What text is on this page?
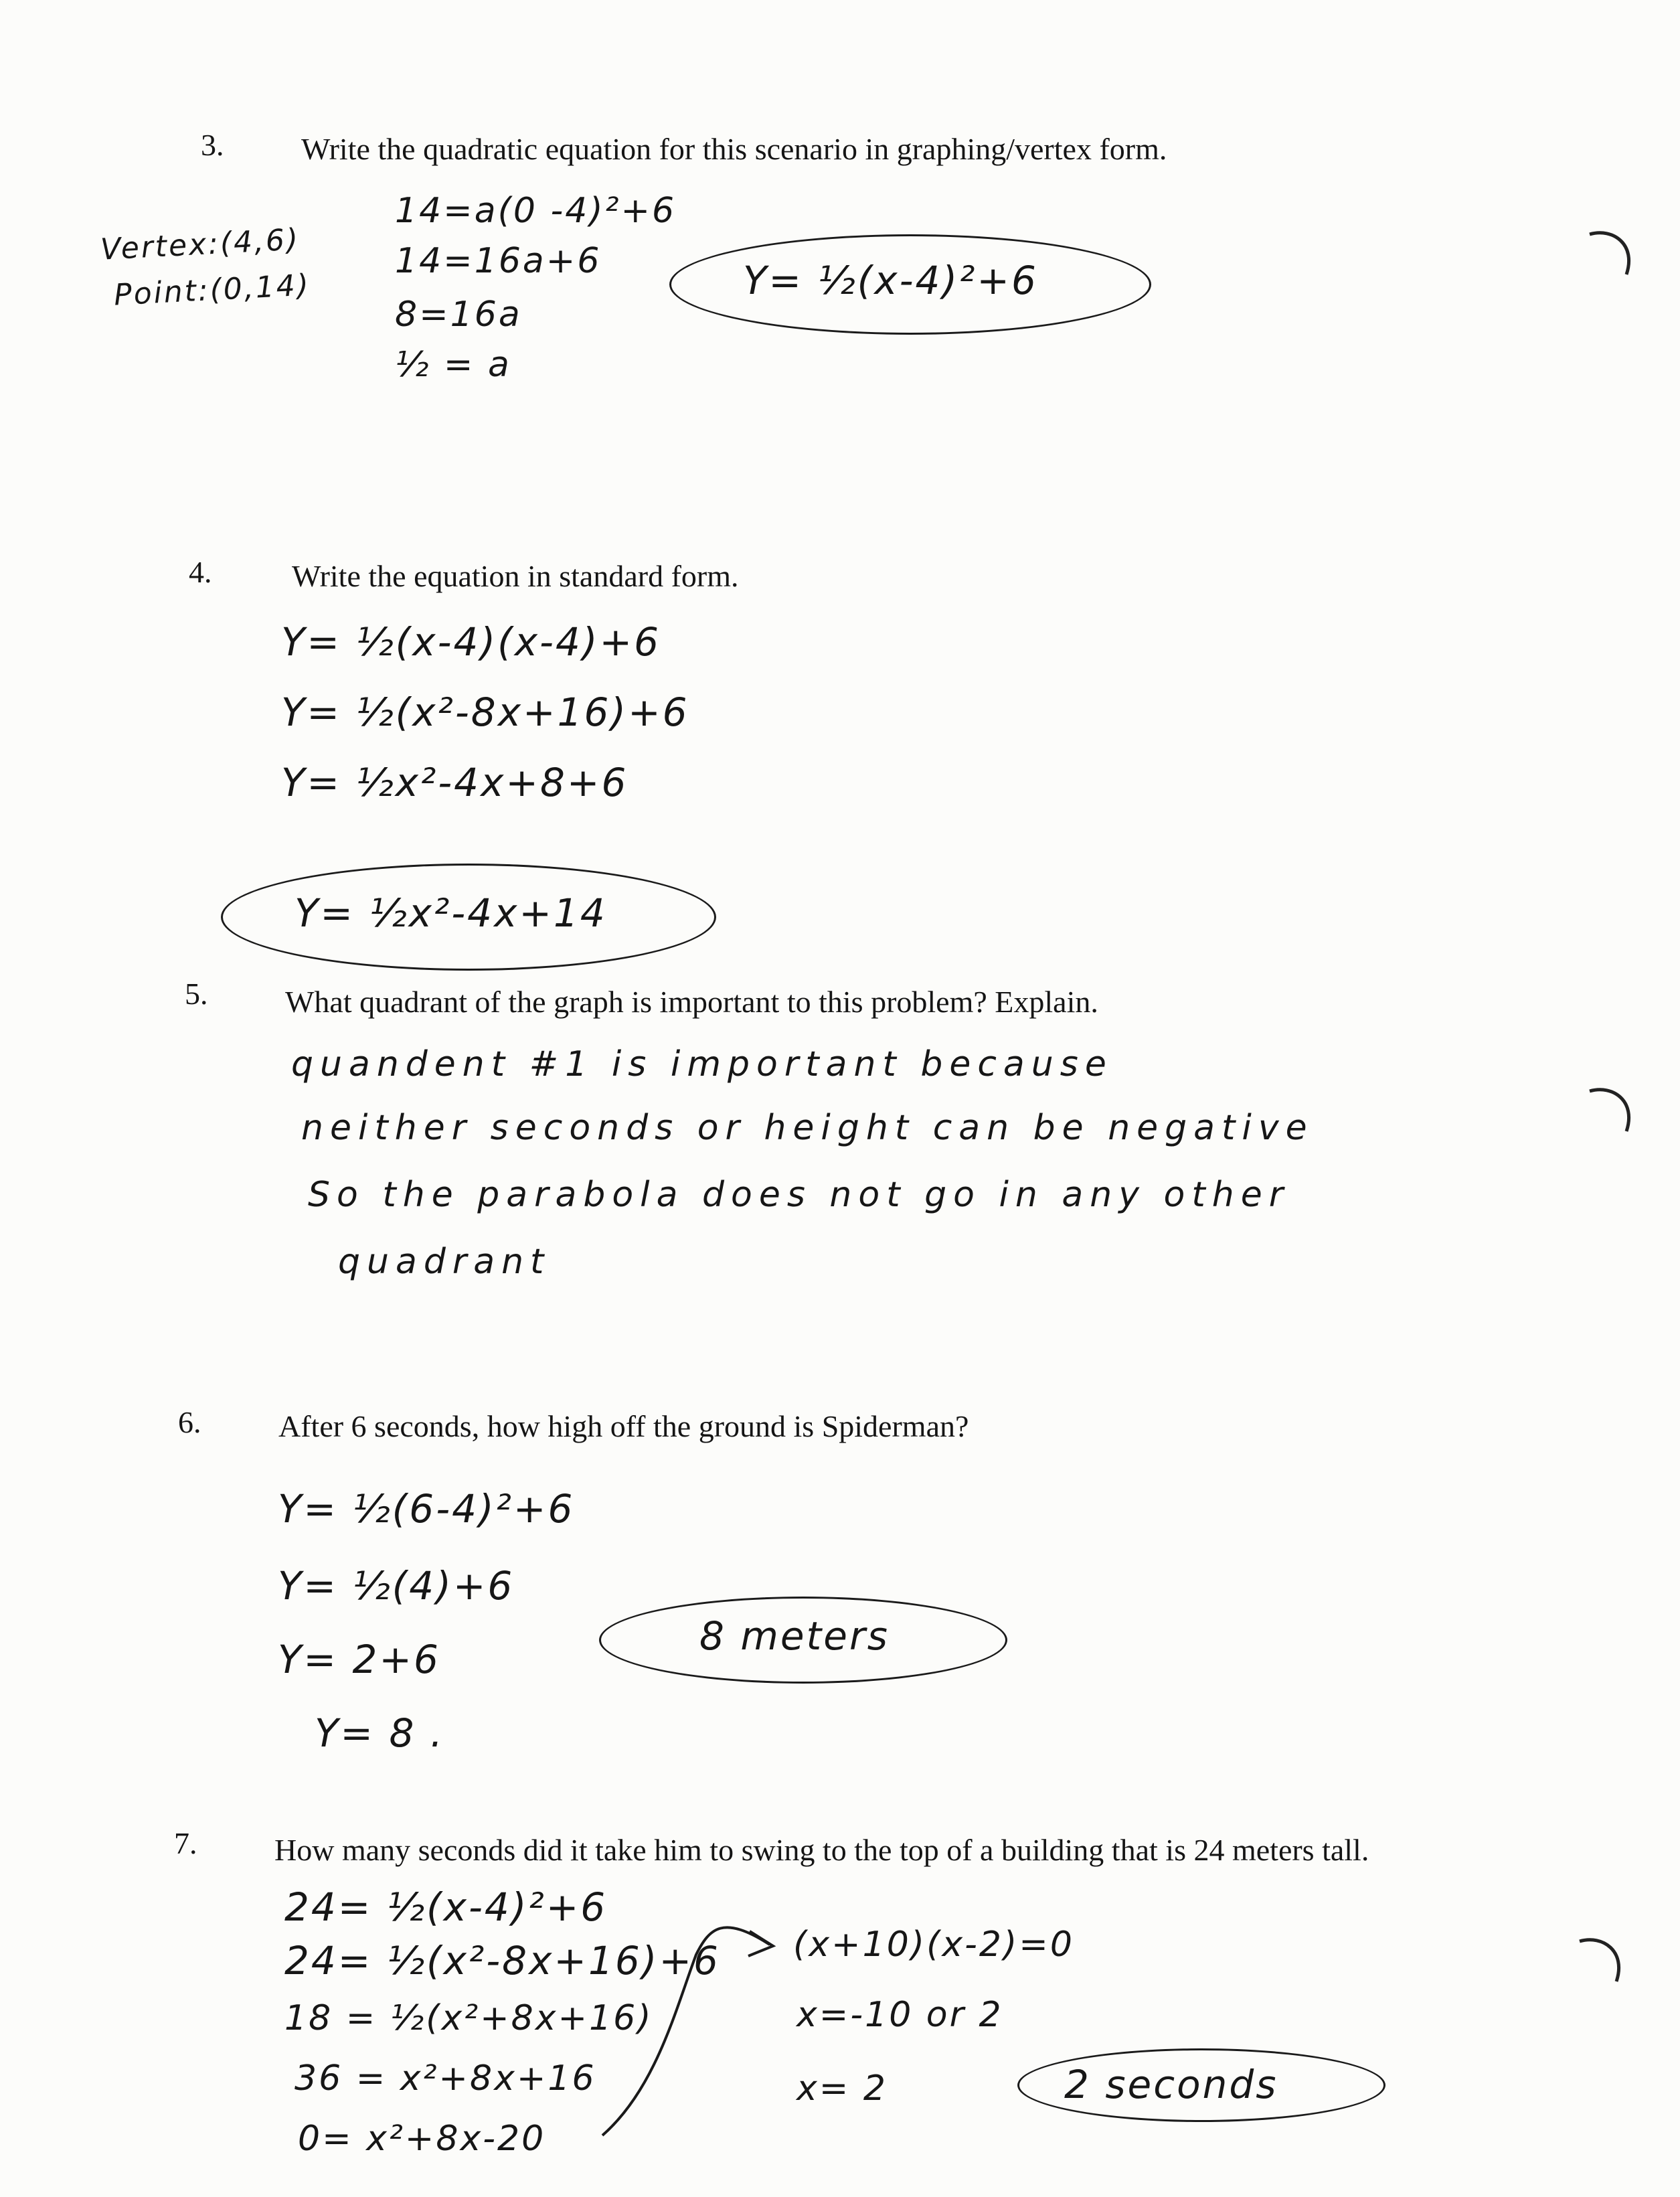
3.	Write the quadratic equation for this scenario in graphing/vertex form.
Vertex:(4,6)
Point:(0,14)
14=a(0 -4)²+6
14=16a+6
8=16a
½ = a
Y= ½(x-4)²+6
4.	Write the equation in standard form.
Y= ½(x-4)(x-4)+6
Y= ½(x²-8x+16)+6
Y= ½x²-4x+8+6
Y= ½x²-4x+14
5.	What quadrant of the graph is important to this problem? Explain.
quandent #1 is important because
neither seconds or height can be negative
So the parabola does not go in any other
quadrant
6.	After 6 seconds, how high off the ground is Spiderman?
Y= ½(6-4)²+6
Y= ½(4)+6
Y= 2+6
Y= 8 .
8 meters
7.	How many seconds did it take him to swing to the top of a building that is 24 meters tall.
24= ½(x-4)²+6
24= ½(x²-8x+16)+6
18 = ½(x²+8x+16)
36 = x²+8x+16
0= x²+8x-20
(x+10)(x-2)=0
x=-10 or 2
x= 2	2 seconds
